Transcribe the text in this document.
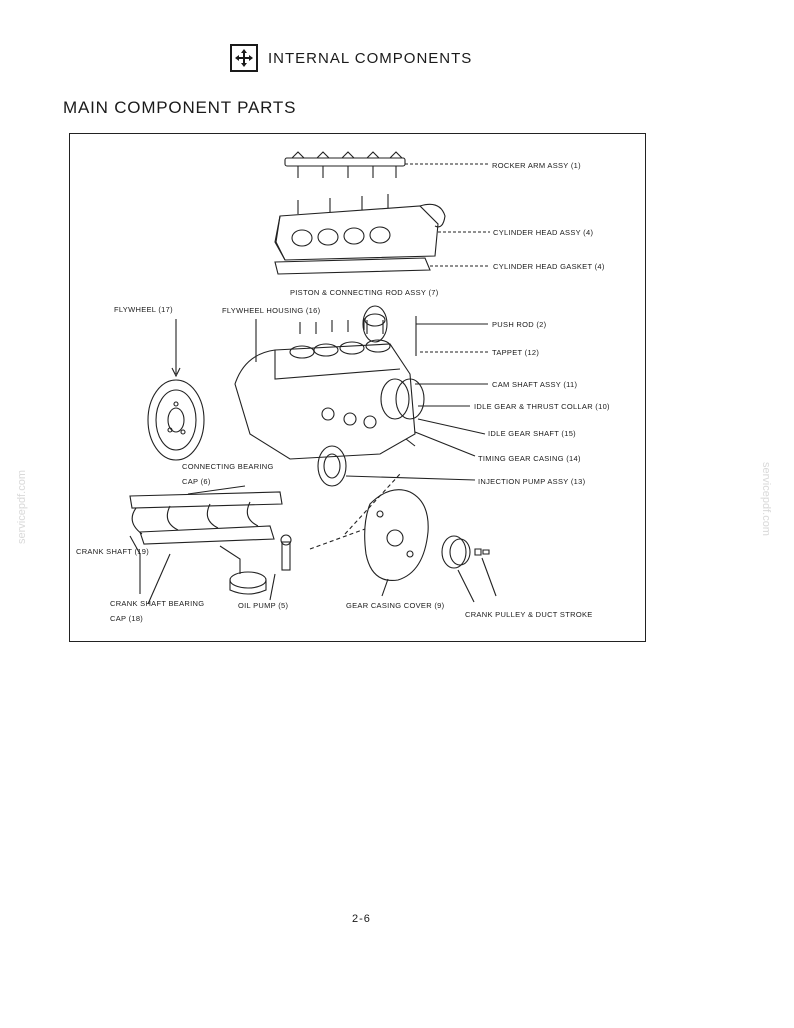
INTERNAL COMPONENTS
MAIN COMPONENT PARTS
ROCKER ARM ASSY (1)
CYLINDER HEAD ASSY (4)
CYLINDER HEAD GASKET (4)
PISTON & CONNECTING ROD ASSY (7)
FLYWHEEL (17)	FLYWHEEL HOUSING (16)
PUSH ROD (2)
TAPPET (12)
CAM SHAFT ASSY (11)
IDLE GEAR & THRUST COLLAR (10)
IDLE GEAR SHAFT (15)
TIMING GEAR CASING (14)
INJECTION PUMP ASSY (13)
CONNECTING BEARING
CAP (6)
CRANK SHAFT (19)
CRANK SHAFT BEARING
CAP (18)
OIL PUMP (5)	GEAR CASING COVER (9)
CRANK PULLEY & DUCT STROKE
servicepdf.com	servicepdf.com
2-6
